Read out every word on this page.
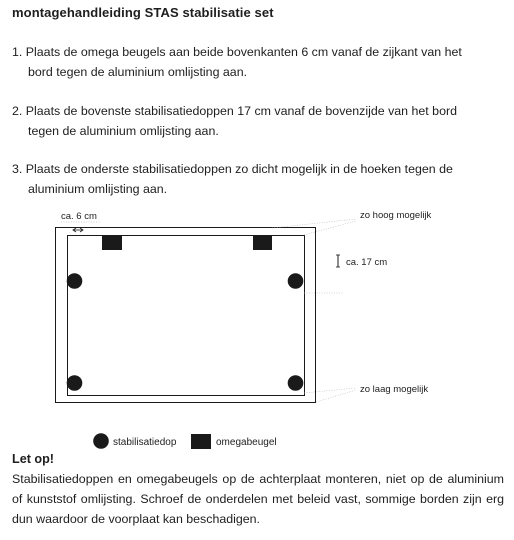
montagehandleiding STAS stabilisatie set
1. Plaats de omega beugels aan beide bovenkanten 6 cm vanaf de zijkant van het
bord tegen de aluminium omlijsting aan.
2. Plaats de bovenste stabilisatiedoppen 17 cm vanaf de bovenzijde van het bord
tegen de aluminium omlijsting aan.
3. Plaats de onderste stabilisatiedoppen zo dicht mogelijk in de hoeken tegen de
aluminium omlijsting aan.
ca. 6 cm	zo hoog mogelijk
ca. 17 cm
zo laag mogelijk
stabilisatiedop	omegabeugel
Let op!
Stabilisatiedoppen en omegabeugels op de achterplaat monteren, niet op de aluminium of kunststof omlijsting. Schroef de onderdelen met beleid vast, sommige borden zijn erg dun waardoor de voorplaat kan beschadigen.
